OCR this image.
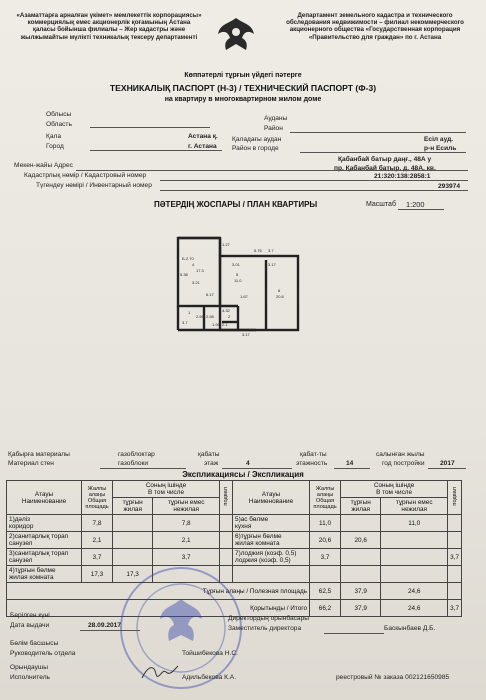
«Азаматтарға арналған үкімет» мемлекеттік корпорациясы»
коммерциялық емес акционерлік қоғамының Астана
қаласы бойынша филиалы – Жер кадастры және
жылжымайтын мүлікті техникалық тексеру департаменті
Департамент земельного кадастра и технического
обследования недвижимости – филиал некоммерческого
акционерного общества «Государственная корпорация
«Правительство для граждан» по г. Астана
Көппәтерлі тұрғын үйдегі пәтерге
ТЕХНИКАЛЫҚ ПАСПОРТ (Н-3) / ТЕХНИЧЕСКИЙ ПАСПОРТ (Ф-3)
на квартиру в многоквартирном жилом доме
Облысы
Область
Ауданы
Район
Қала
Город
Астана қ.
г. Астана
Қаладағы аудан
Район в городе
Есіл ауд.
р-н Есиль
Мекен-жайы Адрес
Қабанбай батыр даңғ., 48А у
пр. Қабанбай батыр, д. 48А, кв.
Кадастрлық нөмір / Кадастровый номер	21:320:138:2858:1
Түгендеу нөмірі / Инвентарный номер	293974
ПӘТЕРДІҢ ЖОСПАРЫ / ПЛАН КВАРТИРЫ	Масштаб 1:200
5.76
1.27
3.7
3.17
Б-2.70
17.3
3.21
5.38
3.01
5
11.0
6
20.6
6.17	1.67
4.32
2.58
2.59
2.1
1.93
3.7
3.17
2
1
4
Қабырға материалы
Материал стен
газоблоктар
газоблоки
қабаты
этаж	4
қабат-ты
этажность	14
салынған жылы
год постройки 2017
Экспликациясы / Экспликация
Атауы
Наименование	Жалпы
алаңы
Общая
площадь	Соның ішінде
В том числе		подвал	Атауы
Наименование	Жалпы
алаңы
Общая
площадь	Соның ішінде
В том числе		подвал
		тұрғын
жилая	тұрғын емес
нежилая				тұрғын
жилая	тұрғын емес
нежилая	
1)дәліз
коридор	7,8		7,8		5)ас бөлме
кухня	11,0		11,0	
2)санитарлық торап
санузел	2,1		2,1		6)тұрғын бөлме
жилая комната	20,6	20,6		
3)санитарлық торап
санузел	3,7		3,7		7)лоджия (коэф. 0,5)
лоджия (коэф. 0,5)	3,7			3,7
4)тұрғын бөлме
жилая комната	17,3	17,3							
Тұрғын алаңы / Полезная площадь						62,5	37,9	24,6	
Қорытынды / Итого						66,2	37,9	24,6	3,7
Берілген күні
Дата выдачи	28.09.2017
Директордың орынбасары
Заместитель директора	Баскынбаев Д.Б.
Бөлім басшысы
Руководитель отдела	Тойшибекова Н.С.
Орындаушы
Исполнитель	Адильбекова К.А.	реестровый № заказа 002121650985
